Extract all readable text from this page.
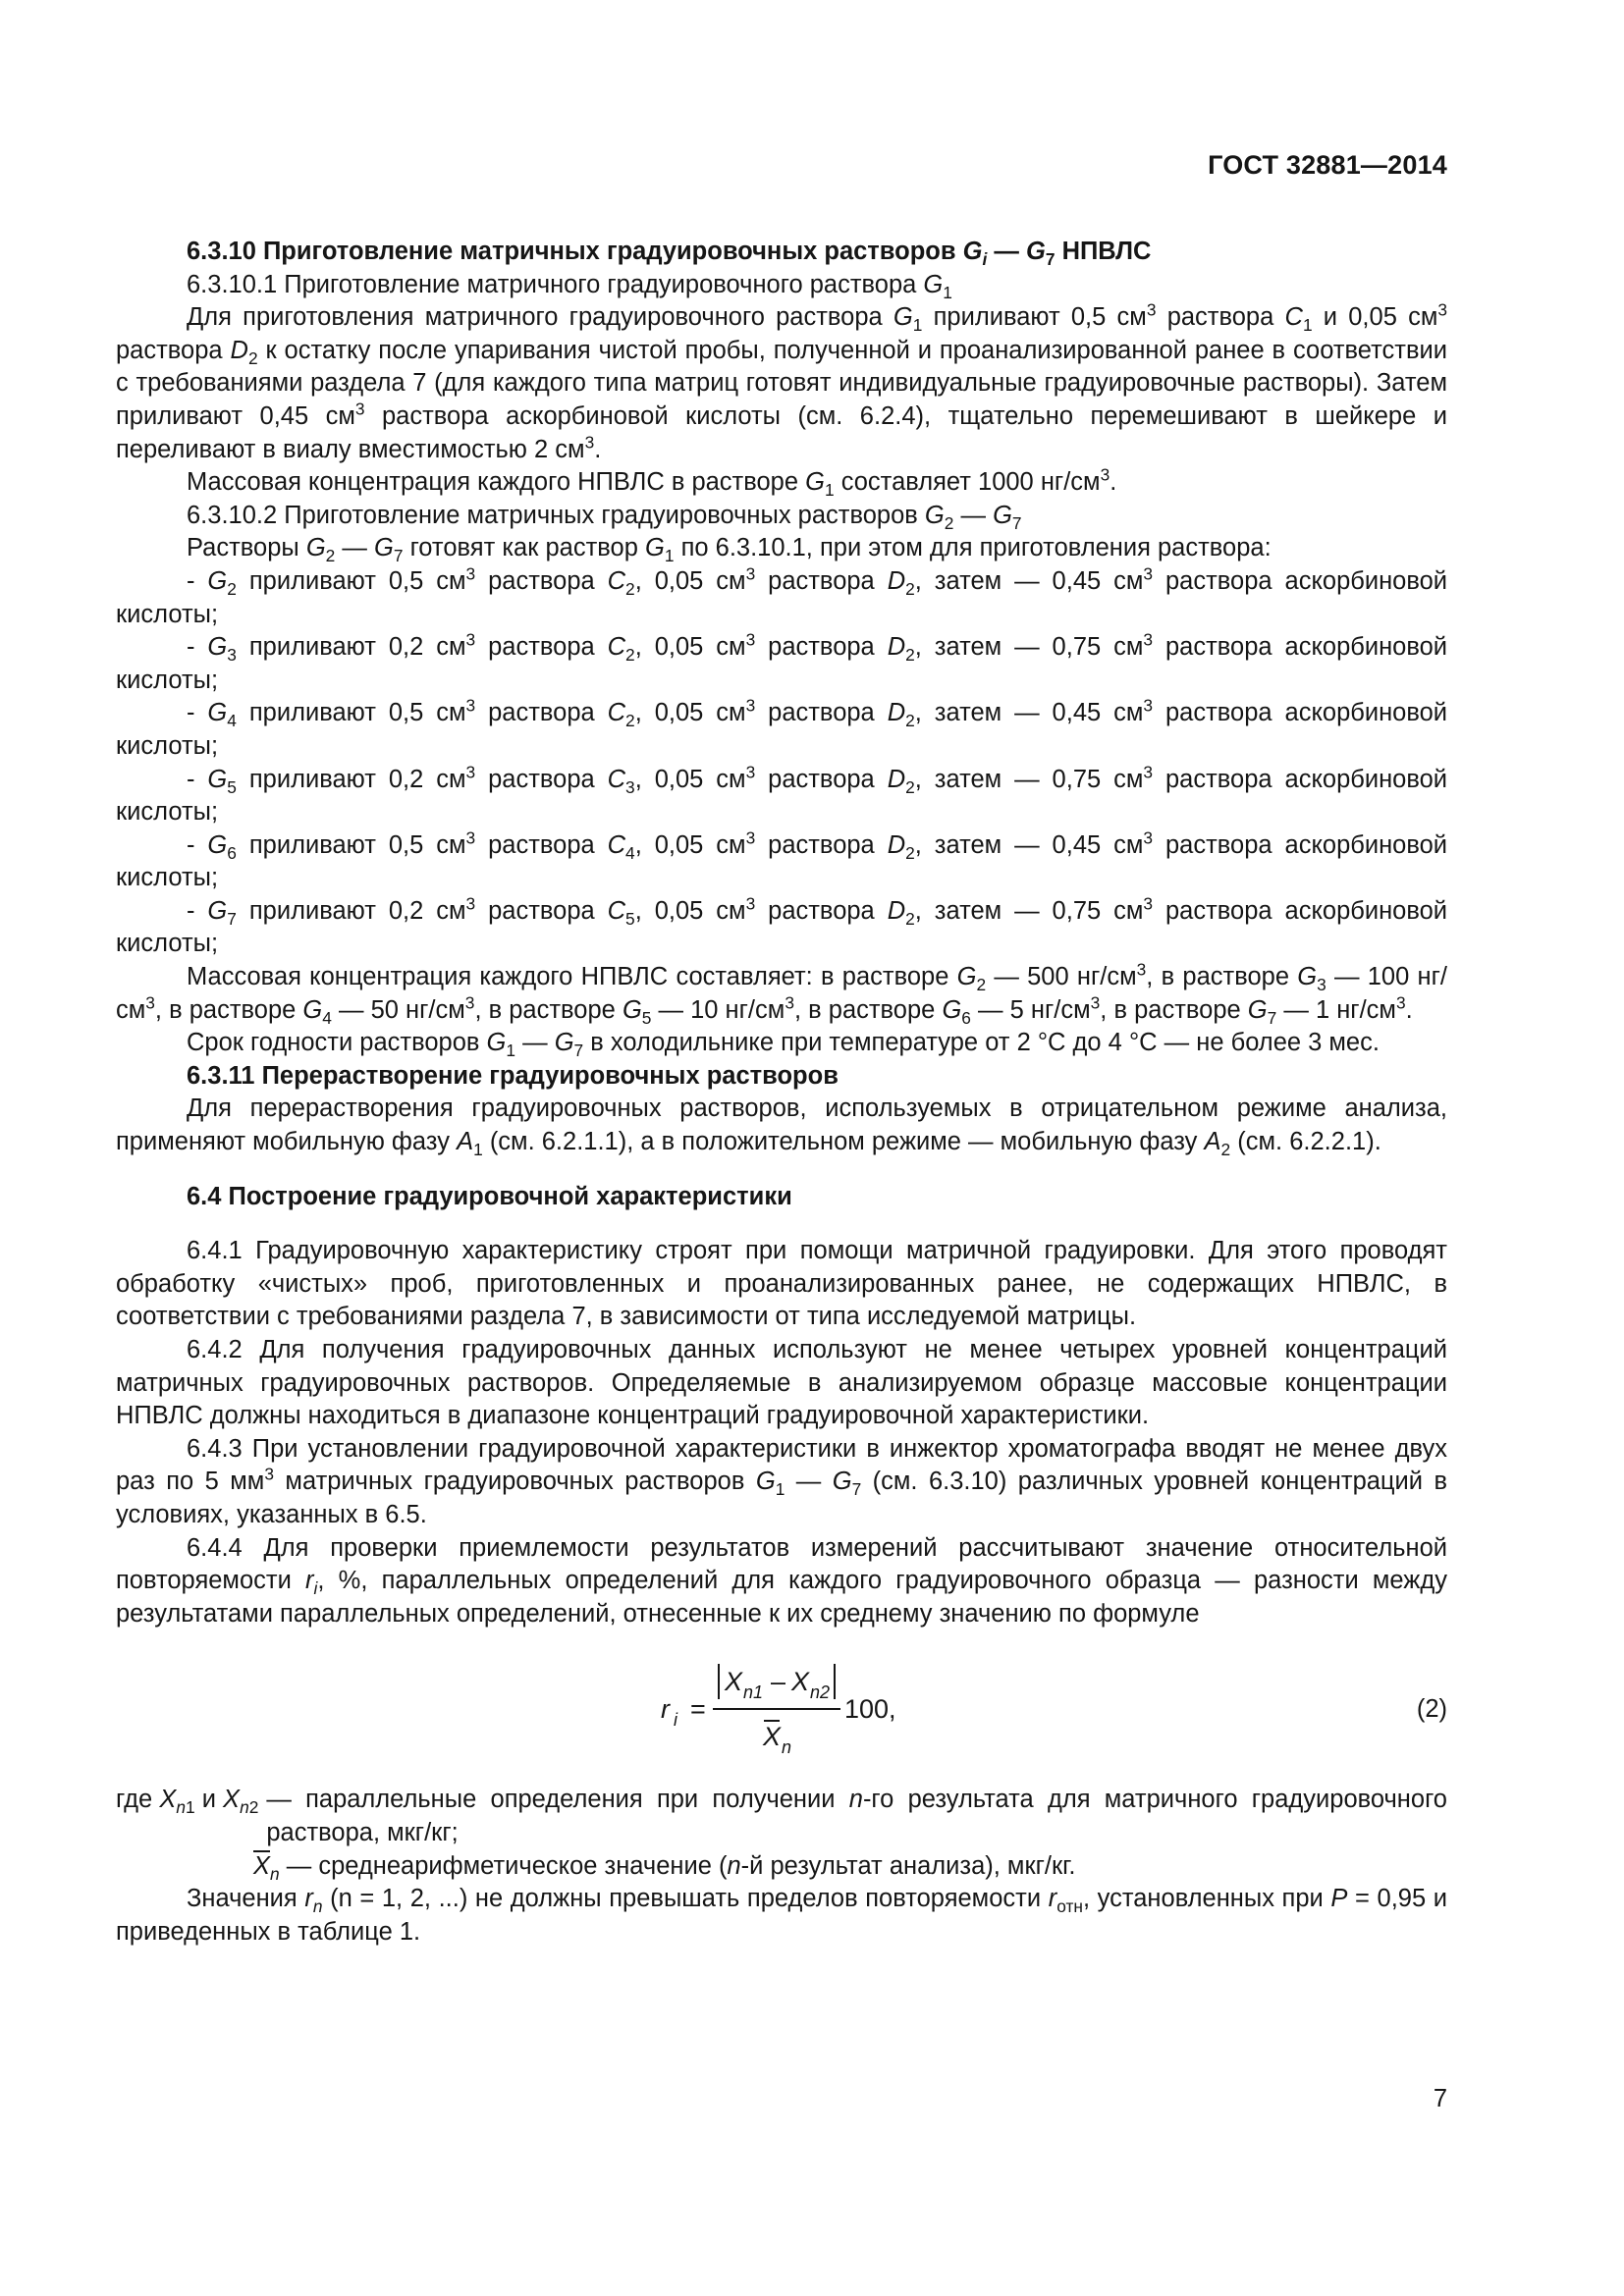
ГОСТ 32881—2014

6.3.10 Приготовление матричных градуировочных растворов $G_i$ — $G_7$ НПВЛС

6.3.10.1 Приготовление матричного градуировочного раствора $G_1$

Для приготовления матричного градуировочного раствора $G_1$ приливают 0,5 $см^3$ раствора $C_1$ и 0,05 $см^3$ раствора $D_2$ к остатку после упаривания чистой пробы, полученной и проанализированной ранее в соответствии с требованиями раздела 7 (для каждого типа матриц готовят индивидуальные градуировочные растворы). Затем приливают 0,45 $см^3$ раствора аскорбиновой кислоты (см. 6.2.4), тщательно перемешивают в шейкере и переливают в виалу вместимостью 2 $см^3$.

Массовая концентрация каждого НПВЛС в растворе $G_1$ составляет 1000 $нг/см^3$.

6.3.10.2 Приготовление матричных градуировочных растворов $G_2$ — $G_7$

Растворы $G_2$ — $G_7$ готовят как раствор $G_1$ по 6.3.10.1, при этом для приготовления раствора:

- $G_2$ приливают 0,5 $см^3$ раствора $C_2$, 0,05 $см^3$ раствора $D_2$, затем — 0,45 $см^3$ раствора аскорбиновой кислоты;

- $G_3$ приливают 0,2 $см^3$ раствора $C_2$, 0,05 $см^3$ раствора $D_2$, затем — 0,75 $см^3$ раствора аскорбиновой кислоты;

- $G_4$ приливают 0,5 $см^3$ раствора $C_2$, 0,05 $см^3$ раствора $D_2$, затем — 0,45 $см^3$ раствора аскорбиновой кислоты;

- $G_5$ приливают 0,2 $см^3$ раствора $C_3$, 0,05 $см^3$ раствора $D_2$, затем — 0,75 $см^3$ раствора аскорбиновой кислоты;

- $G_6$ приливают 0,5 $см^3$ раствора $C_4$, 0,05 $см^3$ раствора $D_2$, затем — 0,45 $см^3$ раствора аскорбиновой кислоты;

- $G_7$ приливают 0,2 $см^3$ раствора $C_5$, 0,05 $см^3$ раствора $D_2$, затем — 0,75 $см^3$ раствора аскорбиновой кислоты;

Массовая концентрация каждого НПВЛС составляет: в растворе $G_2$ — 500 $нг/см^3$, в растворе $G_3$ — 100 $нг/см^3$, в растворе $G_4$ — 50 $нг/см^3$, в растворе $G_5$ — 10 $нг/см^3$, в растворе $G_6$ — 5 $нг/см^3$, в растворе $G_7$ — 1 $нг/см^3$.

Срок годности растворов $G_1$ — $G_7$ в холодильнике при температуре от 2 °С до 4 °С — не более 3 мес.

6.3.11 Перерастворение градуировочных растворов

Для перерастворения градуировочных растворов, используемых в отрицательном режиме анализа, применяют мобильную фазу $A_1$ (см. 6.2.1.1), а в положительном режиме — мобильную фазу $A_2$ (см. 6.2.2.1).

6.4 Построение градуировочной характеристики

6.4.1 Градуировочную характеристику строят при помощи матричной градуировки. Для этого проводят обработку «чистых» проб, приготовленных и проанализированных ранее, не содержащих НПВЛС, в соответствии с требованиями раздела 7, в зависимости от типа исследуемой матрицы.

6.4.2 Для получения градуировочных данных используют не менее четырех уровней концентраций матричных градуировочных растворов. Определяемые в анализируемом образце массовые концентрации НПВЛС должны находиться в диапазоне концентраций градуировочной характеристики.

6.4.3 При установлении градуировочной характеристики в инжектор хроматографа вводят не менее двух раз по 5 $мм^3$ матричных градуировочных растворов $G_1$ — $G_7$ (см. 6.3.10) различных уровней концентраций в условиях, указанных в 6.5.

6.4.4 Для проверки приемлемости результатов измерений рассчитывают значение относительной повторяемости $r_i$, %, параллельных определений для каждого градуировочного образца — разности между результатами параллельных определений, отнесенные к их среднему значению по формуле

r i =
X n1 – X n2
X n
100,	(2)
где $X_{n1}$ и $X_{n2}$ — параллельные определения при получении n-го результата для матричного градуировочного раствора, мкг/кг;

$\overline{X}_n$ — среднеарифметическое значение (n-й результат анализа), мкг/кг.

Значения $r_n$ (n = 1, 2, ...) не должны превышать пределов повторяемости $r_{отн}$, установленных при P = 0,95 и приведенных в таблице 1.

7
